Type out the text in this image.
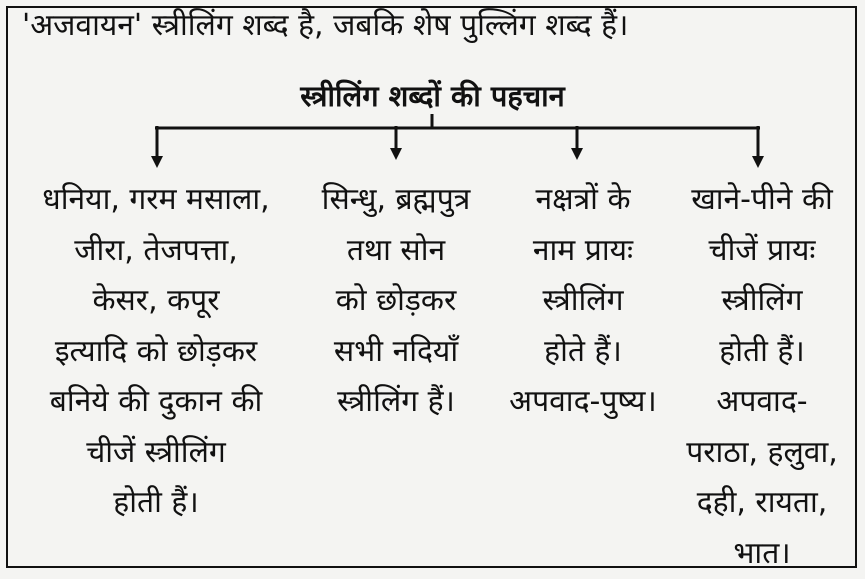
'अजवायन' स्त्रीलिंग शब्द है, जबकि शेष पुल्लिंग शब्द हैं।
स्त्रीलिंग शब्दों की पहचान
धनिया, गरम मसाला,
जीरा, तेजपत्ता,
केसर, कपूर
इत्यादि को छोड़कर
बनिये की दुकान की
चीजें स्त्रीलिंग
होती हैं।
सिन्धु, ब्रह्मपुत्र
तथा सोन
को छोड़कर
सभी नदियाँ
स्त्रीलिंग हैं।
नक्षत्रों के
नाम प्रायः
स्त्रीलिंग
होते हैं।
अपवाद-पुष्य।
खाने-पीने की
चीजें प्रायः
स्त्रीलिंग
होती हैं।
अपवाद-
पराठा, हलुवा,
दही, रायता,
भात।
